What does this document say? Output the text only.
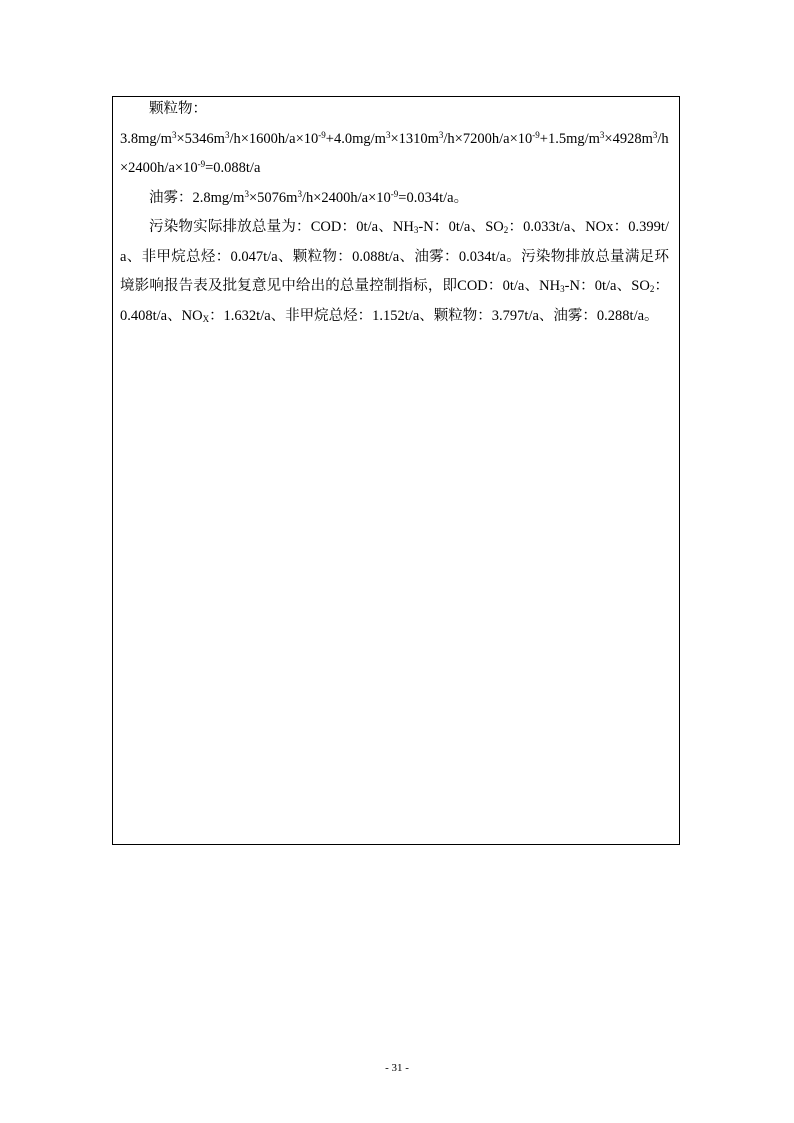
颗粒物：

$3.8mg/m^3\times 5346m^3/h\times 1600h/a\times 10^{-9}+4.0mg/m^3\times 1310m^3/h\times 7200h/a\times 10^{-9}+1.5mg/m^3\times 4928m^3/h\times 2400h/a\times 10^{-9}=0.088t/a$

油雾：$2.8mg/m^3\times 5076m^3/h\times 2400h/a\times 10^{-9}=0.034t/a$。

污染物实际排放总量为：COD：0t/a、$NH_3-N$：0t/a、$SO_2$：0.033t/a、NOx：0.399t/a、非甲烷总烃：0.047t/a、颗粒物：0.088t/a、油雾：0.034t/a。污染物排放总量满足环境影响报告表及批复意见中给出的总量控制指标，即COD：0t/a、$NH_3-N$：0t/a、$SO_2$：0.408t/a、$NO_X$：1.632t/a、非甲烷总烃：1.152t/a、颗粒物：3.797t/a、油雾：0.288t/a。

- 31 -
